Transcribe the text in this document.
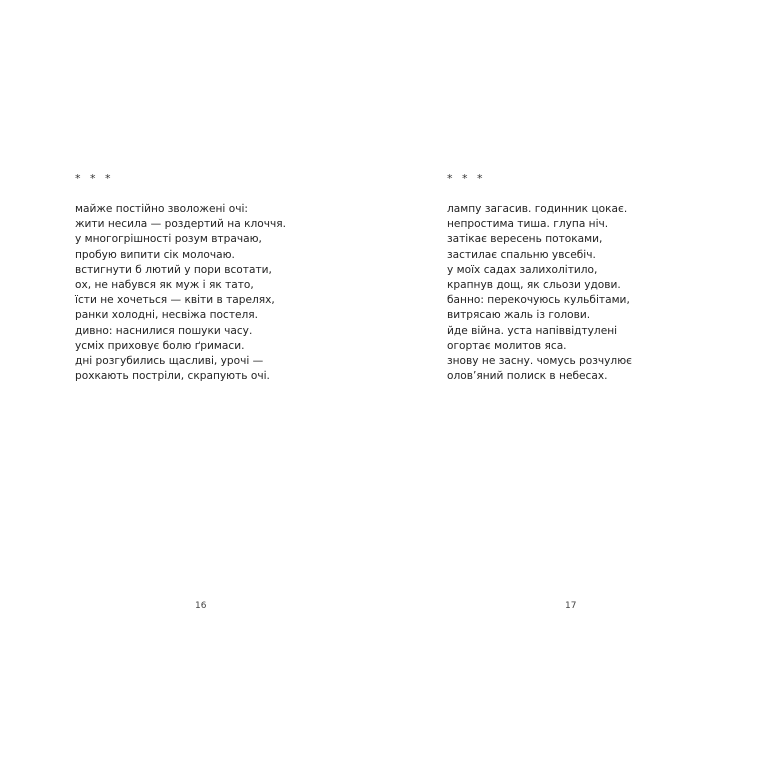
* * *
майже постійно зволожені очі:
жити несила — роздертий на клоччя.
у многогрішності розум втрачаю,
пробую випити сік молочаю.
встигнути б лютий у пори всотати,
ох, не набувся як муж і як тато,
їсти не хочеться — квіти в тарелях,
ранки холодні, несвіжа постеля.
дивно: наснилися пошуки часу.
усміх приховує болю ґримаси.
дні розгубились щасливі, урочі —
рохкають постріли, скрапують очі.
16
* * *
лампу загасив. годинник цокає.
непростима тиша. глупа ніч.
затікає вересень потоками,
застилає спальню увсебіч.
у моїх садах залихолітило,
крапнув дощ, як сльози удови.
банно: перекочуюсь кульбітами,
витрясаю жаль із голови.
йде війна. уста напіввідтулені
огортає молитов яса.
знову не засну. чомусь розчулює
олов’яний полиск в небесах.
17
